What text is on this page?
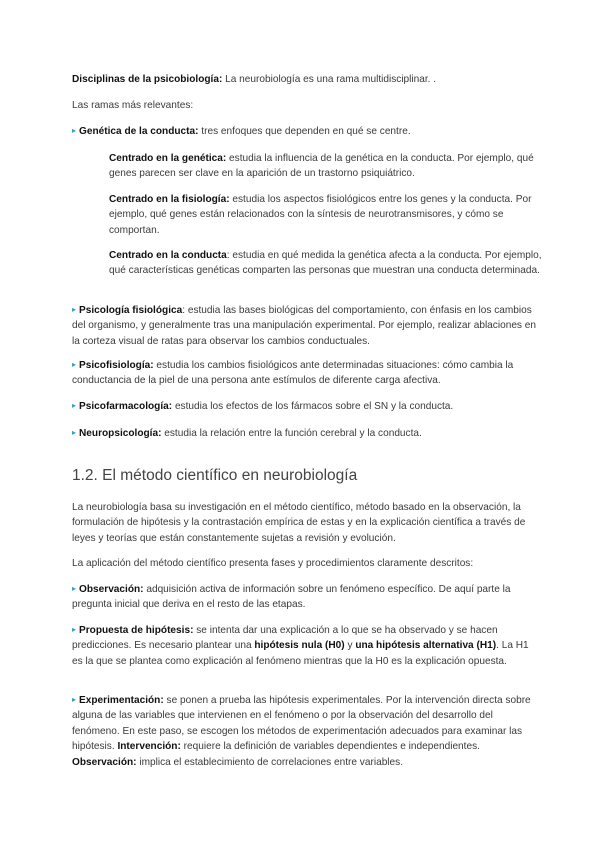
Disciplinas de la psicobiología: La neurobiología es una rama multidisciplinar. .

Las ramas más relevantes:

▸ Genética de la conducta: tres enfoques que dependen en qué se centre.

Centrado en la genética: estudia la influencia de la genética en la conducta. Por ejemplo, qué genes parecen ser clave en la aparición de un trastorno psiquiátrico.

Centrado en la fisiología: estudia los aspectos fisiológicos entre los genes y la conducta. Por ejemplo, qué genes están relacionados con la síntesis de neurotransmisores, y cómo se comportan.

Centrado en la conducta: estudia en qué medida la genética afecta a la conducta. Por ejemplo, qué características genéticas comparten las personas que muestran una conducta determinada.

▸ Psicología fisiológica: estudia las bases biológicas del comportamiento, con énfasis en los cambios del organismo, y generalmente tras una manipulación experimental. Por ejemplo, realizar ablaciones en la corteza visual de ratas para observar los cambios conductuales.

▸ Psicofisiología: estudia los cambios fisiológicos ante determinadas situaciones: cómo cambia la conductancia de la piel de una persona ante estímulos de diferente carga afectiva.

▸ Psicofarmacología: estudia los efectos de los fármacos sobre el SN y la conducta.

▸ Neuropsicología: estudia la relación entre la función cerebral y la conducta.

1.2. El método científico en neurobiología

La neurobiología basa su investigación en el método científico, método basado en la observación, la formulación de hipótesis y la contrastación empírica de estas y en la explicación científica a través de leyes y teorías que están constantemente sujetas a revisión y evolución.

La aplicación del método científico presenta fases y procedimientos claramente descritos:

▸ Observación: adquisición activa de información sobre un fenómeno específico. De aquí parte la pregunta inicial que deriva en el resto de las etapas.

▸ Propuesta de hipótesis: se intenta dar una explicación a lo que se ha observado y se hacen predicciones. Es necesario plantear una hipótesis nula (H0) y una hipótesis alternativa (H1). La H1 es la que se plantea como explicación al fenómeno mientras que la H0 es la explicación opuesta.

▸ Experimentación: se ponen a prueba las hipótesis experimentales. Por la intervención directa sobre alguna de las variables que intervienen en el fenómeno o por la observación del desarrollo del fenómeno. En este paso, se escogen los métodos de experimentación adecuados para examinar las hipótesis. Intervención: requiere la definición de variables dependientes e independientes. Observación: implica el establecimiento de correlaciones entre variables.
